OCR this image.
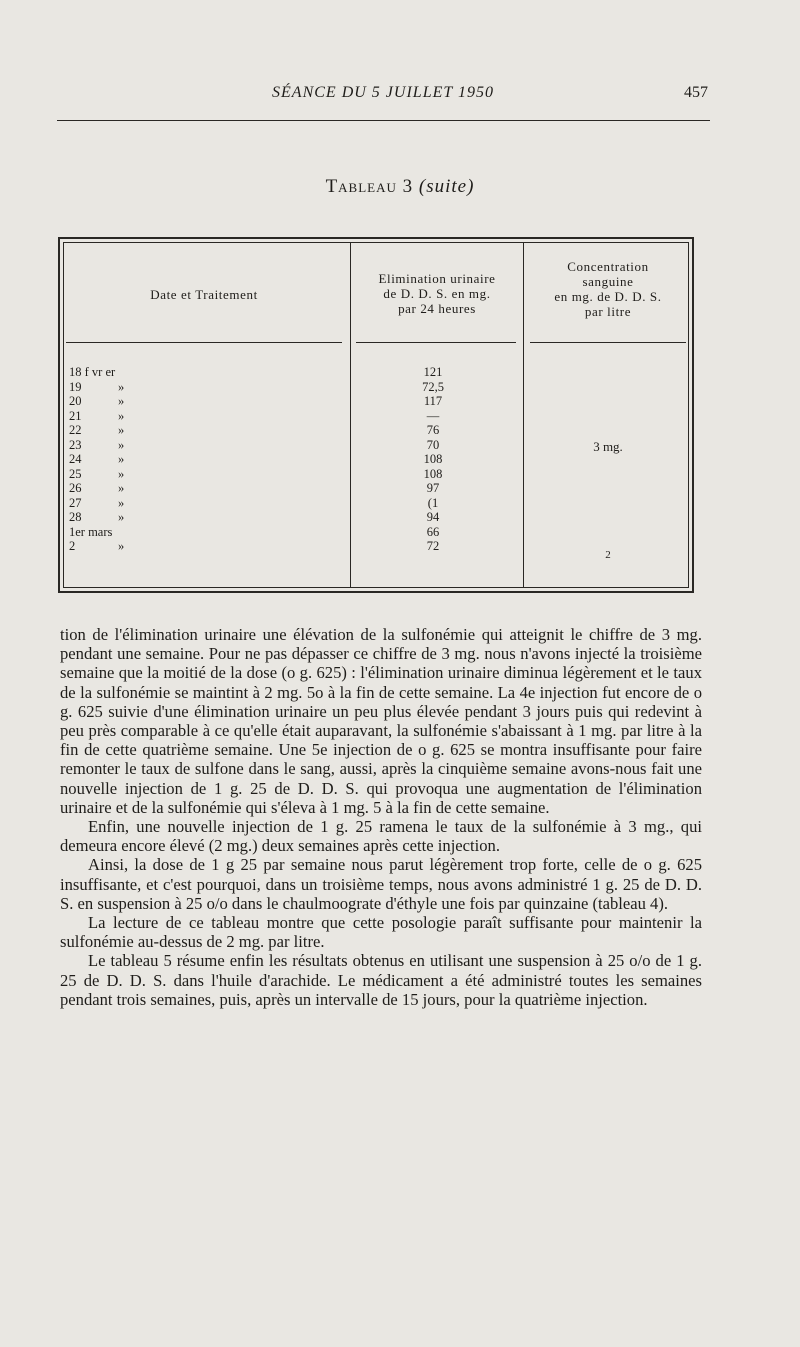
SÉANCE DU 5 JUILLET 1950	457
Tableau 3 (suite)
Date et Traitement
Elimination urinaire
de D. D. S. en mg.
par 24 heures
Concentration
sanguine
en mg. de D. D. S.
par litre
18 f vr er	121
19	»	72,5
20	»	117
21	»	—
22	»	76
23	»	70
24	»	108
25	»	108
26	»	97
27	»	(1
28	»	94
1er mars	66
2	»	72
3 mg.
2

tion de l'élimination urinaire une élévation de la sulfonémie qui atteignit le chiffre de 3 mg. pendant une semaine. Pour ne pas dépasser ce chiffre de 3 mg. nous n'avons injecté la troisième semaine que la moitié de la dose (o g. 625) : l'élimination urinaire diminua légèrement et le taux de la sulfonémie se maintint à 2 mg. 5o à la fin de cette semaine. La 4e injection fut encore de o g. 625 suivie d'une élimination urinaire un peu plus élevée pendant 3 jours puis qui redevint à peu près comparable à ce qu'elle était auparavant, la sulfonémie s'abaissant à 1 mg. par litre à la fin de cette quatrième semaine. Une 5e injection de o g. 625 se montra insuffisante pour faire remonter le taux de sulfone dans le sang, aussi, après la cinquième semaine avons-nous fait une nouvelle injection de 1 g. 25 de D. D. S. qui provoqua une augmentation de l'élimination urinaire et de la sulfonémie qui s'éleva à 1 mg. 5 à la fin de cette semaine.

Enfin, une nouvelle injection de 1 g. 25 ramena le taux de la sulfonémie à 3 mg., qui demeura encore élevé (2 mg.) deux semaines après cette injection.

Ainsi, la dose de 1 g 25 par semaine nous parut légèrement trop forte, celle de o g. 625 insuffisante, et c'est pourquoi, dans un troisième temps, nous avons administré 1 g. 25 de D. D. S. en suspension à 25 o/o dans le chaulmoograte d'éthyle une fois par quinzaine (tableau 4).

La lecture de ce tableau montre que cette posologie paraît suffisante pour maintenir la sulfonémie au-dessus de 2 mg. par litre.

Le tableau 5 résume enfin les résultats obtenus en utilisant une suspension à 25 o/o de 1 g. 25 de D. D. S. dans l'huile d'arachide. Le médicament a été administré toutes les semaines pendant trois semaines, puis, après un intervalle de 15 jours, pour la quatrième injection.
